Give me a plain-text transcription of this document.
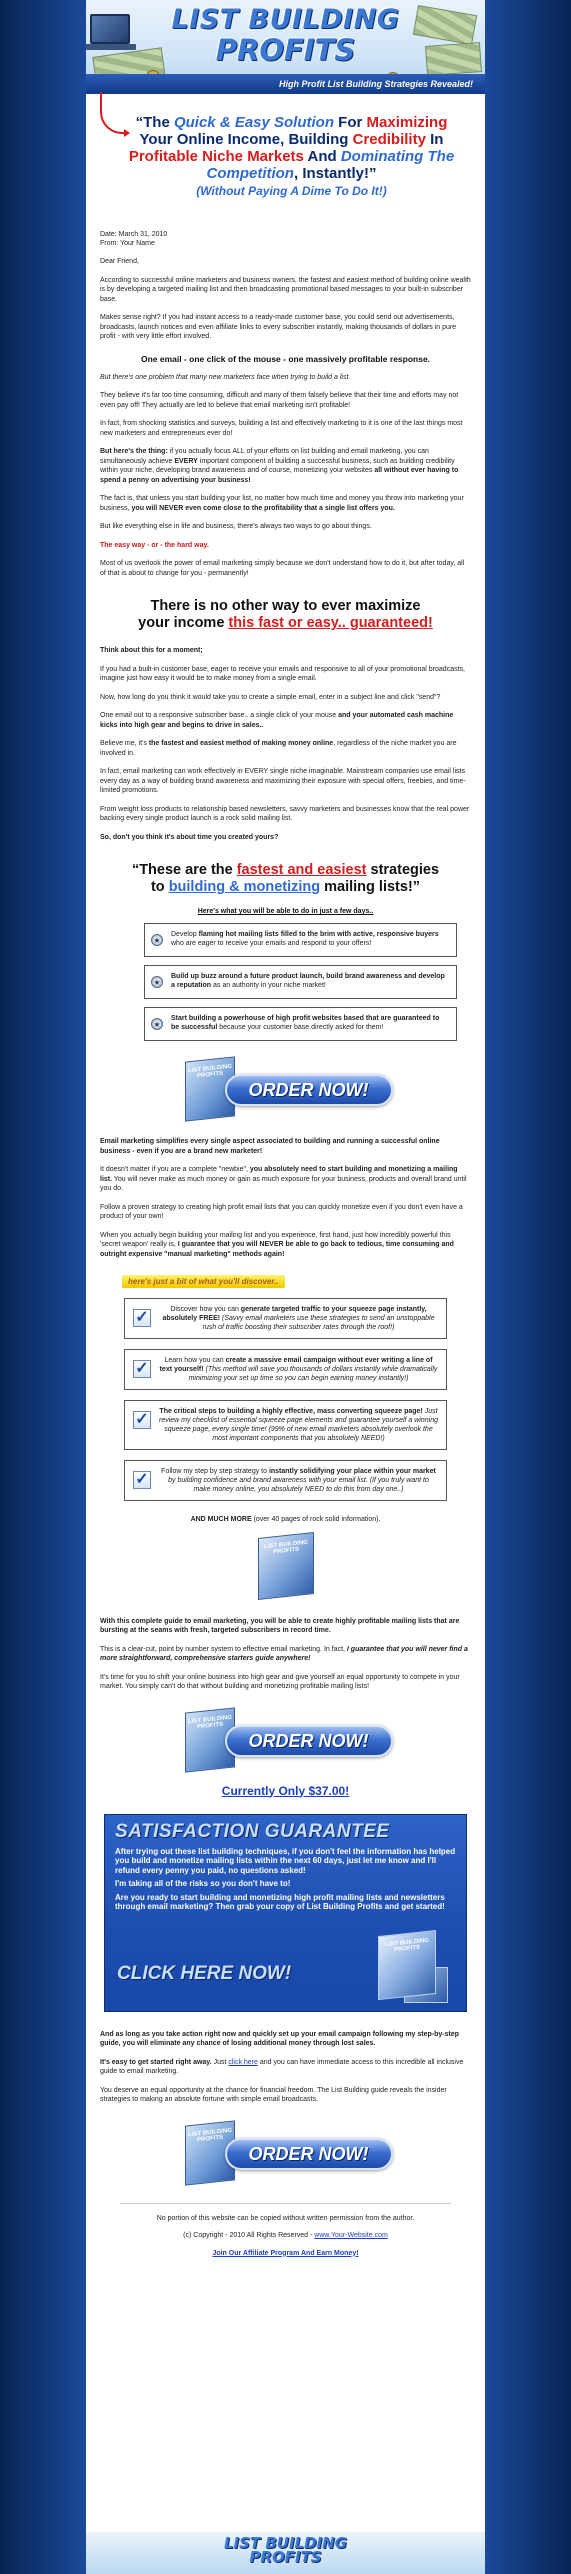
LIST BUILDING
PROFITS
High Profit List Building Strategies Revealed!
“The Quick & Easy Solution For Maximizing Your Online Income, Building Credibility In Profitable Niche Markets And Dominating The Competition, Instantly!”
(Without Paying A Dime To Do It!)
Date: March 31, 2010
From: Your Name

Dear Friend,

According to successful online marketers and business owners, the fastest and easiest method of building online wealth is by developing a targeted mailing list and then broadcasting promotional based messages to your built-in subscriber base.

Makes sense right? If you had instant access to a ready-made customer base, you could send out advertisements, broadcasts, launch notices and even affiliate links to every subscriber instantly, making thousands of dollars in pure profit - with very little effort involved.

One email - one click of the mouse - one massively profitable response.

But there's one problem that many new marketers face when trying to build a list.

They believe it's far too time consuming, difficult and many of them falsely believe that their time and efforts may not even pay off! They actually are led to believe that email marketing isn't profitable!

In fact, from shocking statistics and surveys, building a list and effectively marketing to it is one of the last things most new marketers and entrepreneurs ever do!

But here's the thing: if you actually focus ALL of your efforts on list building and email marketing, you can simultaneously achieve EVERY important component of building a successful business, such as building credibility within your niche, developing brand awareness and of course, monetizing your websites all without ever having to spend a penny on advertising your business!

The fact is, that unless you start building your list, no matter how much time and money you throw into marketing your business, you will NEVER even come close to the profitability that a single list offers you.

But like everything else in life and business, there's always two ways to go about things.

The easy way - or - the hard way.

Most of us overlook the power of email marketing simply because we don't understand how to do it, but after today, all of that is about to change for you - permanently!

There is no other way to ever maximize
your income this fast or easy.. guaranteed!

Think about this for a moment;

If you had a built-in customer base, eager to receive your emails and responsive to all of your promotional broadcasts, imagine just how easy it would be to make money from a single email.

Now, how long do you think it would take you to create a simple email, enter in a subject line and click "send"?

One email out to a responsive subscriber base.. a single click of your mouse and your automated cash machine kicks into high gear and begins to drive in sales..

Believe me, it's the fastest and easiest method of making money online, regardless of the niche market you are involved in.

In fact, email marketing can work effectively in EVERY single niche imaginable. Mainstream companies use email lists every day as a way of building brand awareness and maximizing their exposure with special offers, freebies, and time-limited promotions.

From weight loss products to relationship based newsletters, savvy marketers and businesses know that the real power backing every single product launch is a rock solid mailing list.

So, don't you think it's about time you created yours?

“These are the fastest and easiest strategies
to building & monetizing mailing lists!”
Here's what you will be able to do in just a few days..
★
Develop flaming hot mailing lists filled to the brim with active, responsive buyers who are eager to receive your emails and respond to your offers!
★
Build up buzz around a future product launch, build brand awareness and develop a reputation as an authority in your niche market!
★
Start building a powerhouse of high profit websites based that are guaranteed to be successful because your customer base directly asked for them!
LIST BUILDING PROFITS
ORDER NOW!

Email marketing simplifies every single aspect associated to building and running a successful online business - even if you are a brand new marketer!

It doesn't matter if you are a complete "newbie", you absolutely need to start building and monetizing a mailing list. You will never make as much money or gain as much exposure for your business, products and overall brand until you do.

Follow a proven strategy to creating high profit email lists that you can quickly monetize even if you don't even have a product of your own!

When you actually begin building your mailing list and you experience, first hand, just how incredibly powerful this 'secret weapon' really is, I guarantee that you will NEVER be able to go back to tedious, time consuming and outright expensive "manual marketing" methods again!

here's just a bit of what you'll discover..
✓	Discover how you can generate targeted traffic to your squeeze page instantly, absolutely FREE! (Savvy email marketers use these strategies to send an unstoppable rush of traffic boosting their subscriber rates through the roof!)
✓	Learn how you can create a massive email campaign without ever writing a line of text yourself! (This method will save you thousands of dollars instantly while dramatically minimizing your set up time so you can begin earning money instantly!)
✓	The critical steps to building a highly effective, mass converting squeeze page! Just review my checklist of essential squeeze page elements and guarantee yourself a winning squeeze page, every single time! (99% of new email marketers absolutely overlook the most important components that you absolutely NEED!)
✓	Follow my step by step strategy to instantly solidifying your place within your market by building confidence and brand awareness with your email list. (If you truly want to make money online, you absolutely NEED to do this from day one..)

AND MUCH MORE (over 40 pages of rock solid information).

LIST BUILDING PROFITS

With this complete guide to email marketing, you will be able to create highly profitable mailing lists that are bursting at the seams with fresh, targeted subscribers in record time.

This is a clear-cut, point by number system to effective email marketing. In fact, I guarantee that you will never find a more straightforward, comprehensive starters guide anywhere!

It's time for you to shift your online business into high gear and give yourself an equal opportunity to compete in your market. You simply can't do that without building and monetizing profitable mailing lists!

LIST BUILDING PROFITS
ORDER NOW!
Currently Only $37.00!
SATISFACTION GUARANTEE
After trying out these list building techniques, if you don't feel the information has helped you build and monetize mailing lists within the next 60 days, just let me know and I'll refund every penny you paid, no questions asked!
I'm taking all of the risks so you don't have to!
Are you ready to start building and monetizing high profit mailing lists and newsletters through email marketing? Then grab your copy of List Building Profits and get started!
CLICK HERE NOW!
LIST BUILDING PROFITS

And as long as you take action right now and quickly set up your email campaign following my step-by-step guide, you will eliminate any chance of losing additional money through lost sales.

It's easy to get started right away. Just click here and you can have immediate access to this incredible all inclusive guide to email marketing.

You deserve an equal opportunity at the chance for financial freedom. The List Building guide reveals the insider strategies to making an absolute fortune with simple email broadcasts.

LIST BUILDING PROFITS
ORDER NOW!

No portion of this website can be copied without written permission from the author.

(c) Copyright - 2010 All Rights Reserved - www.Your-Website.com

Join Our Affiliate Program And Earn Money!

LIST BUILDING
PROFITS
